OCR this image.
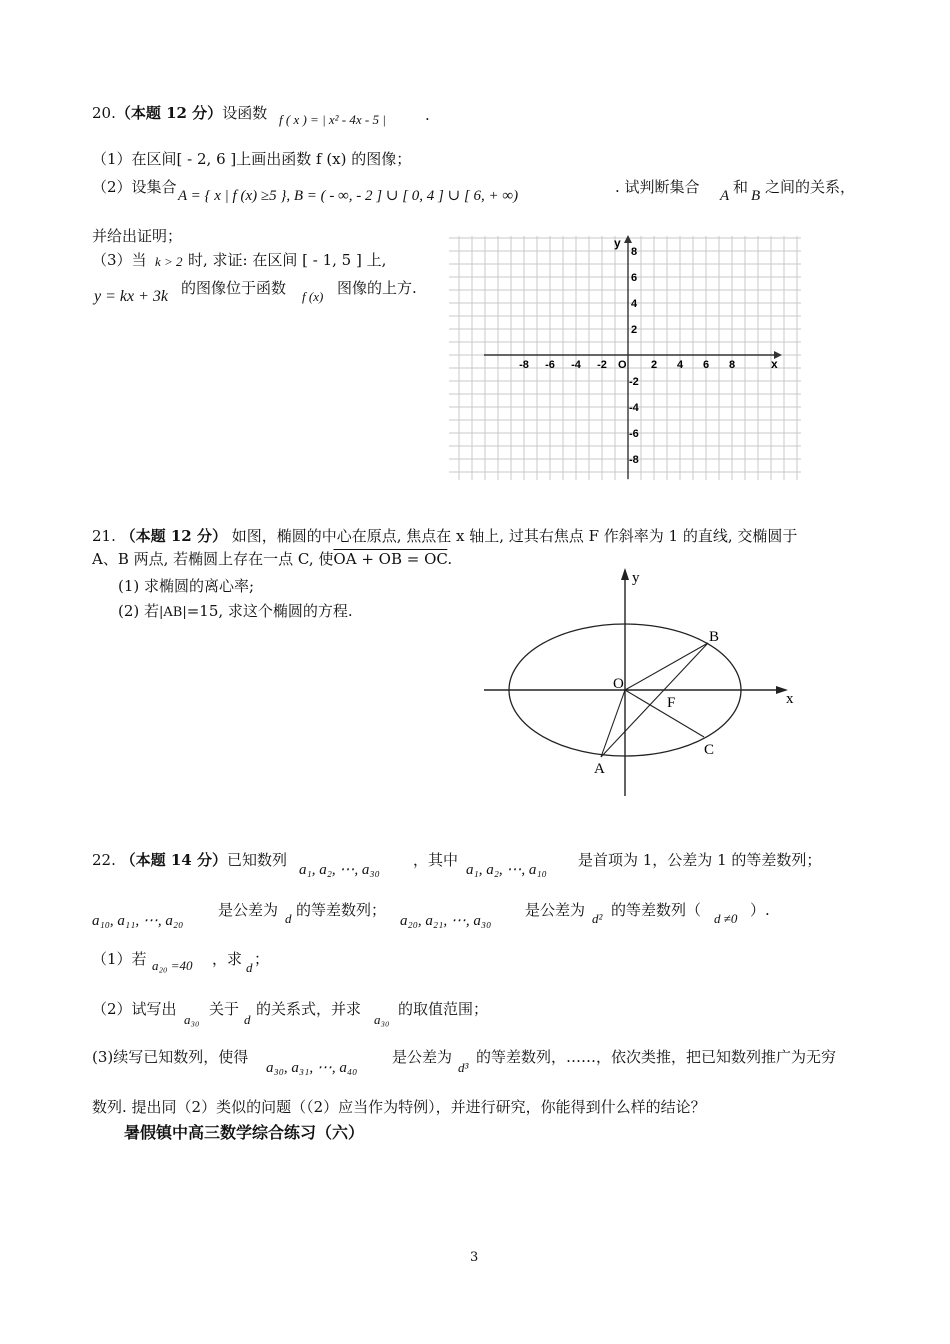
20.（本题 12 分）设函数 f ( x ) = | x² - 4x - 5 |	.
（1）在区间[ - 2, 6 ]上画出函数 f (x) 的图像；
（2）设集合 A = { x | f (x) ≥5 }, B = ( - ∞, - 2 ] ∪ [ 0, 4 ] ∪ [ 6, + ∞)	. 试判断集合 A 和 B 之间的关系，
并给出证明；
（3）当 k > 2 时, 求证: 在区间 [ - 1, 5 ] 上,
y = kx + 3k 的图像位于函数 f (x) 图像的上方.
-8 -6 -4 -2	2 4 6 8
8
6
4
2
-2
-4
-6
-8
x
y
O
21. （本题 12 分） 如图，椭圆的中心在原点, 焦点在 x 轴上, 过其右焦点 F 作斜率为 1 的直线, 交椭圆于
A、B 两点, 若椭圆上存在一点 C, 使OA + OB = OC.
(1) 求椭圆的离心率;
(2) 若|AB|=15, 求这个椭圆的方程.
y
x
O
B
F
C
A
22. （本题 14 分）已知数列
a₁, a₂, ⋯, a₃₀
，其中
a₁, a₂, ⋯, a₁₀
是首项为 1，公差为 1 的等差数列；
a₁₀, a₁₁, ⋯, a₂₀
是公差为 d 的等差数列；
a₂₀, a₂₁, ⋯, a₃₀
是公差为 d² 的等差数列（ d ≠0 ）.
（1）若 a₂₀ =40 ，求 d ；
（2）试写出
a₃₀
关于
d
的关系式，并求
a₃₀
的取值范围；
(3)续写已知数列，使得
a₃₀, a₃₁, ⋯, a₄₀
是公差为
d³
的等差数列，……，依次类推，把已知数列推广为无穷
数列. 提出同（2）类似的问题（（2）应当作为特例），并进行研究，你能得到什么样的结论？
暑假镇中高三数学综合练习（六）
3
